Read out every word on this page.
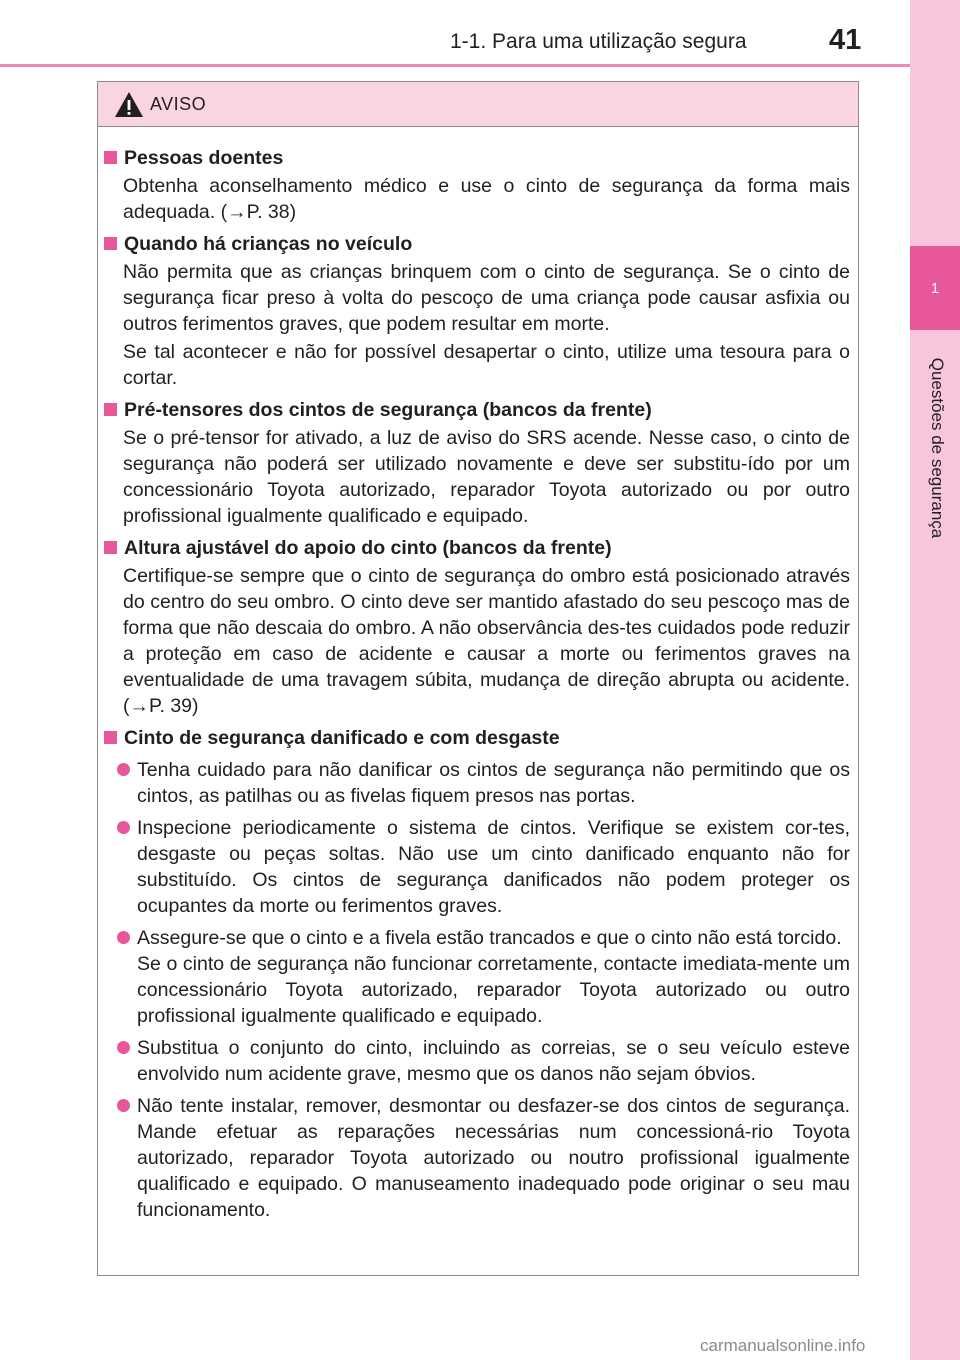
1-1. Para uma utilização segura	41
1
Questões de segurança
AVISO
Pessoas doentes
Obtenha aconselhamento médico e use o cinto de segurança da forma mais adequada. (→P. 38)
Quando há crianças no veículo
Não permita que as crianças brinquem com o cinto de segurança. Se o cinto de segurança ficar preso à volta do pescoço de uma criança pode causar asfixia ou outros ferimentos graves, que podem resultar em morte.
Se tal acontecer e não for possível desapertar o cinto, utilize uma tesoura para o cortar.
Pré-tensores dos cintos de segurança (bancos da frente)
Se o pré-tensor for ativado, a luz de aviso do SRS acende. Nesse caso, o cinto de segurança não poderá ser utilizado novamente e deve ser substitu-ído por um concessionário Toyota autorizado, reparador Toyota autorizado ou por outro profissional igualmente qualificado e equipado.
Altura ajustável do apoio do cinto (bancos da frente)
Certifique-se sempre que o cinto de segurança do ombro está posicionado através do centro do seu ombro. O cinto deve ser mantido afastado do seu pescoço mas de forma que não descaia do ombro. A não observância des-tes cuidados pode reduzir a proteção em caso de acidente e causar a morte ou ferimentos graves na eventualidade de uma travagem súbita, mudança de direção abrupta ou acidente. (→P. 39)
Cinto de segurança danificado e com desgaste
Tenha cuidado para não danificar os cintos de segurança não permitindo que os cintos, as patilhas ou as fivelas fiquem presos nas portas.
Inspecione periodicamente o sistema de cintos. Verifique se existem cor-tes, desgaste ou peças soltas. Não use um cinto danificado enquanto não for substituído. Os cintos de segurança danificados não podem proteger os ocupantes da morte ou ferimentos graves.
Assegure-se que o cinto e a fivela estão trancados e que o cinto não está torcido.
Se o cinto de segurança não funcionar corretamente, contacte imediata-mente um concessionário Toyota autorizado, reparador Toyota autorizado ou outro profissional igualmente qualificado e equipado.
Substitua o conjunto do cinto, incluindo as correias, se o seu veículo esteve envolvido num acidente grave, mesmo que os danos não sejam óbvios.
Não tente instalar, remover, desmontar ou desfazer-se dos cintos de segurança. Mande efetuar as reparações necessárias num concessioná-rio Toyota autorizado, reparador Toyota autorizado ou noutro profissional igualmente qualificado e equipado. O manuseamento inadequado pode originar o seu mau funcionamento.
carmanualsonline.info
